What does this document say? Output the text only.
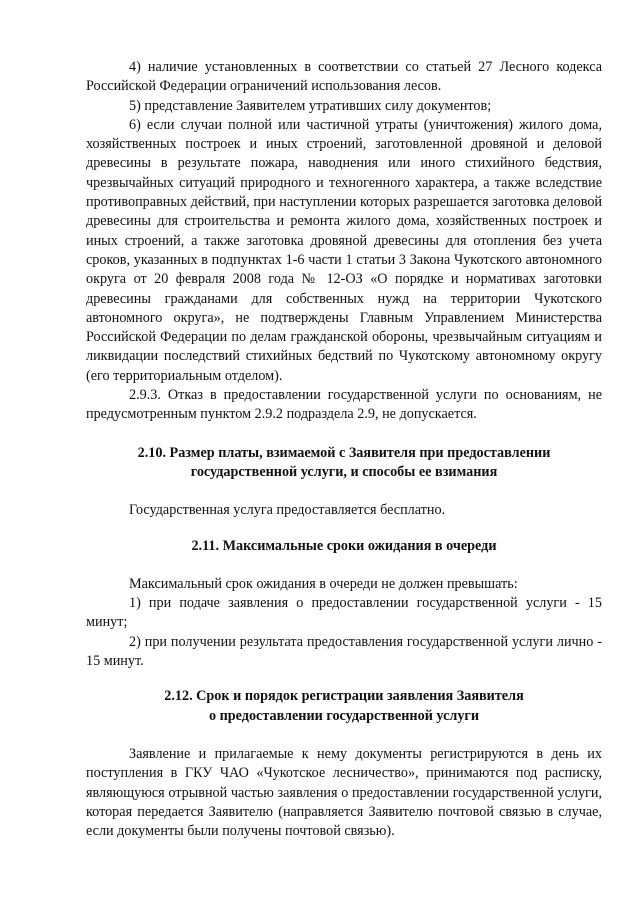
4) наличие установленных в соответствии со статьей 27 Лесного кодекса Российской Федерации ограничений использования лесов.

5) представление Заявителем утративших силу документов;

6) если случаи полной или частичной утраты (уничтожения) жилого дома, хозяйственных построек и иных строений, заготовленной дровяной и деловой древесины в результате пожара, наводнения или иного стихийного бедствия, чрезвычайных ситуаций природного и техногенного характера, а также вследствие противоправных действий, при наступлении которых разрешается заготовка деловой древесины для строительства и ремонта жилого дома, хозяйственных построек и иных строений, а также заготовка дровяной древесины для отопления без учета сроков, указанных в подпунктах 1-6 части 1 статьи 3 Закона Чукотского автономного округа от 20 февраля 2008 года № 12-ОЗ «О порядке и нормативах заготовки древесины гражданами для собственных нужд на территории Чукотского автономного округа», не подтверждены Главным Управлением Министерства Российской Федерации по делам гражданской обороны, чрезвычайным ситуациям и ликвидации последствий стихийных бедствий по Чукотскому автономному округу (его территориальным отделом).

2.9.3. Отказ в предоставлении государственной услуги по основаниям, не предусмотренным пунктом 2.9.2 подраздела 2.9, не допускается.

2.10. Размер платы, взимаемой с Заявителя при предоставлении
государственной услуги, и способы ее взимания

Государственная услуга предоставляется бесплатно.

2.11. Максимальные сроки ожидания в очереди

Максимальный срок ожидания в очереди не должен превышать:

1) при подаче заявления о предоставлении государственной услуги - 15 минут;

2) при получении результата предоставления государственной услуги лично - 15 минут.

2.12. Срок и порядок регистрации заявления Заявителя
о предоставлении государственной услуги

Заявление и прилагаемые к нему документы регистрируются в день их поступления в ГКУ ЧАО «Чукотское лесничество», принимаются под расписку, являющуюся отрывной частью заявления о предоставлении государственной услуги, которая передается Заявителю (направляется Заявителю почтовой связью в случае, если документы были получены почтовой связью).
